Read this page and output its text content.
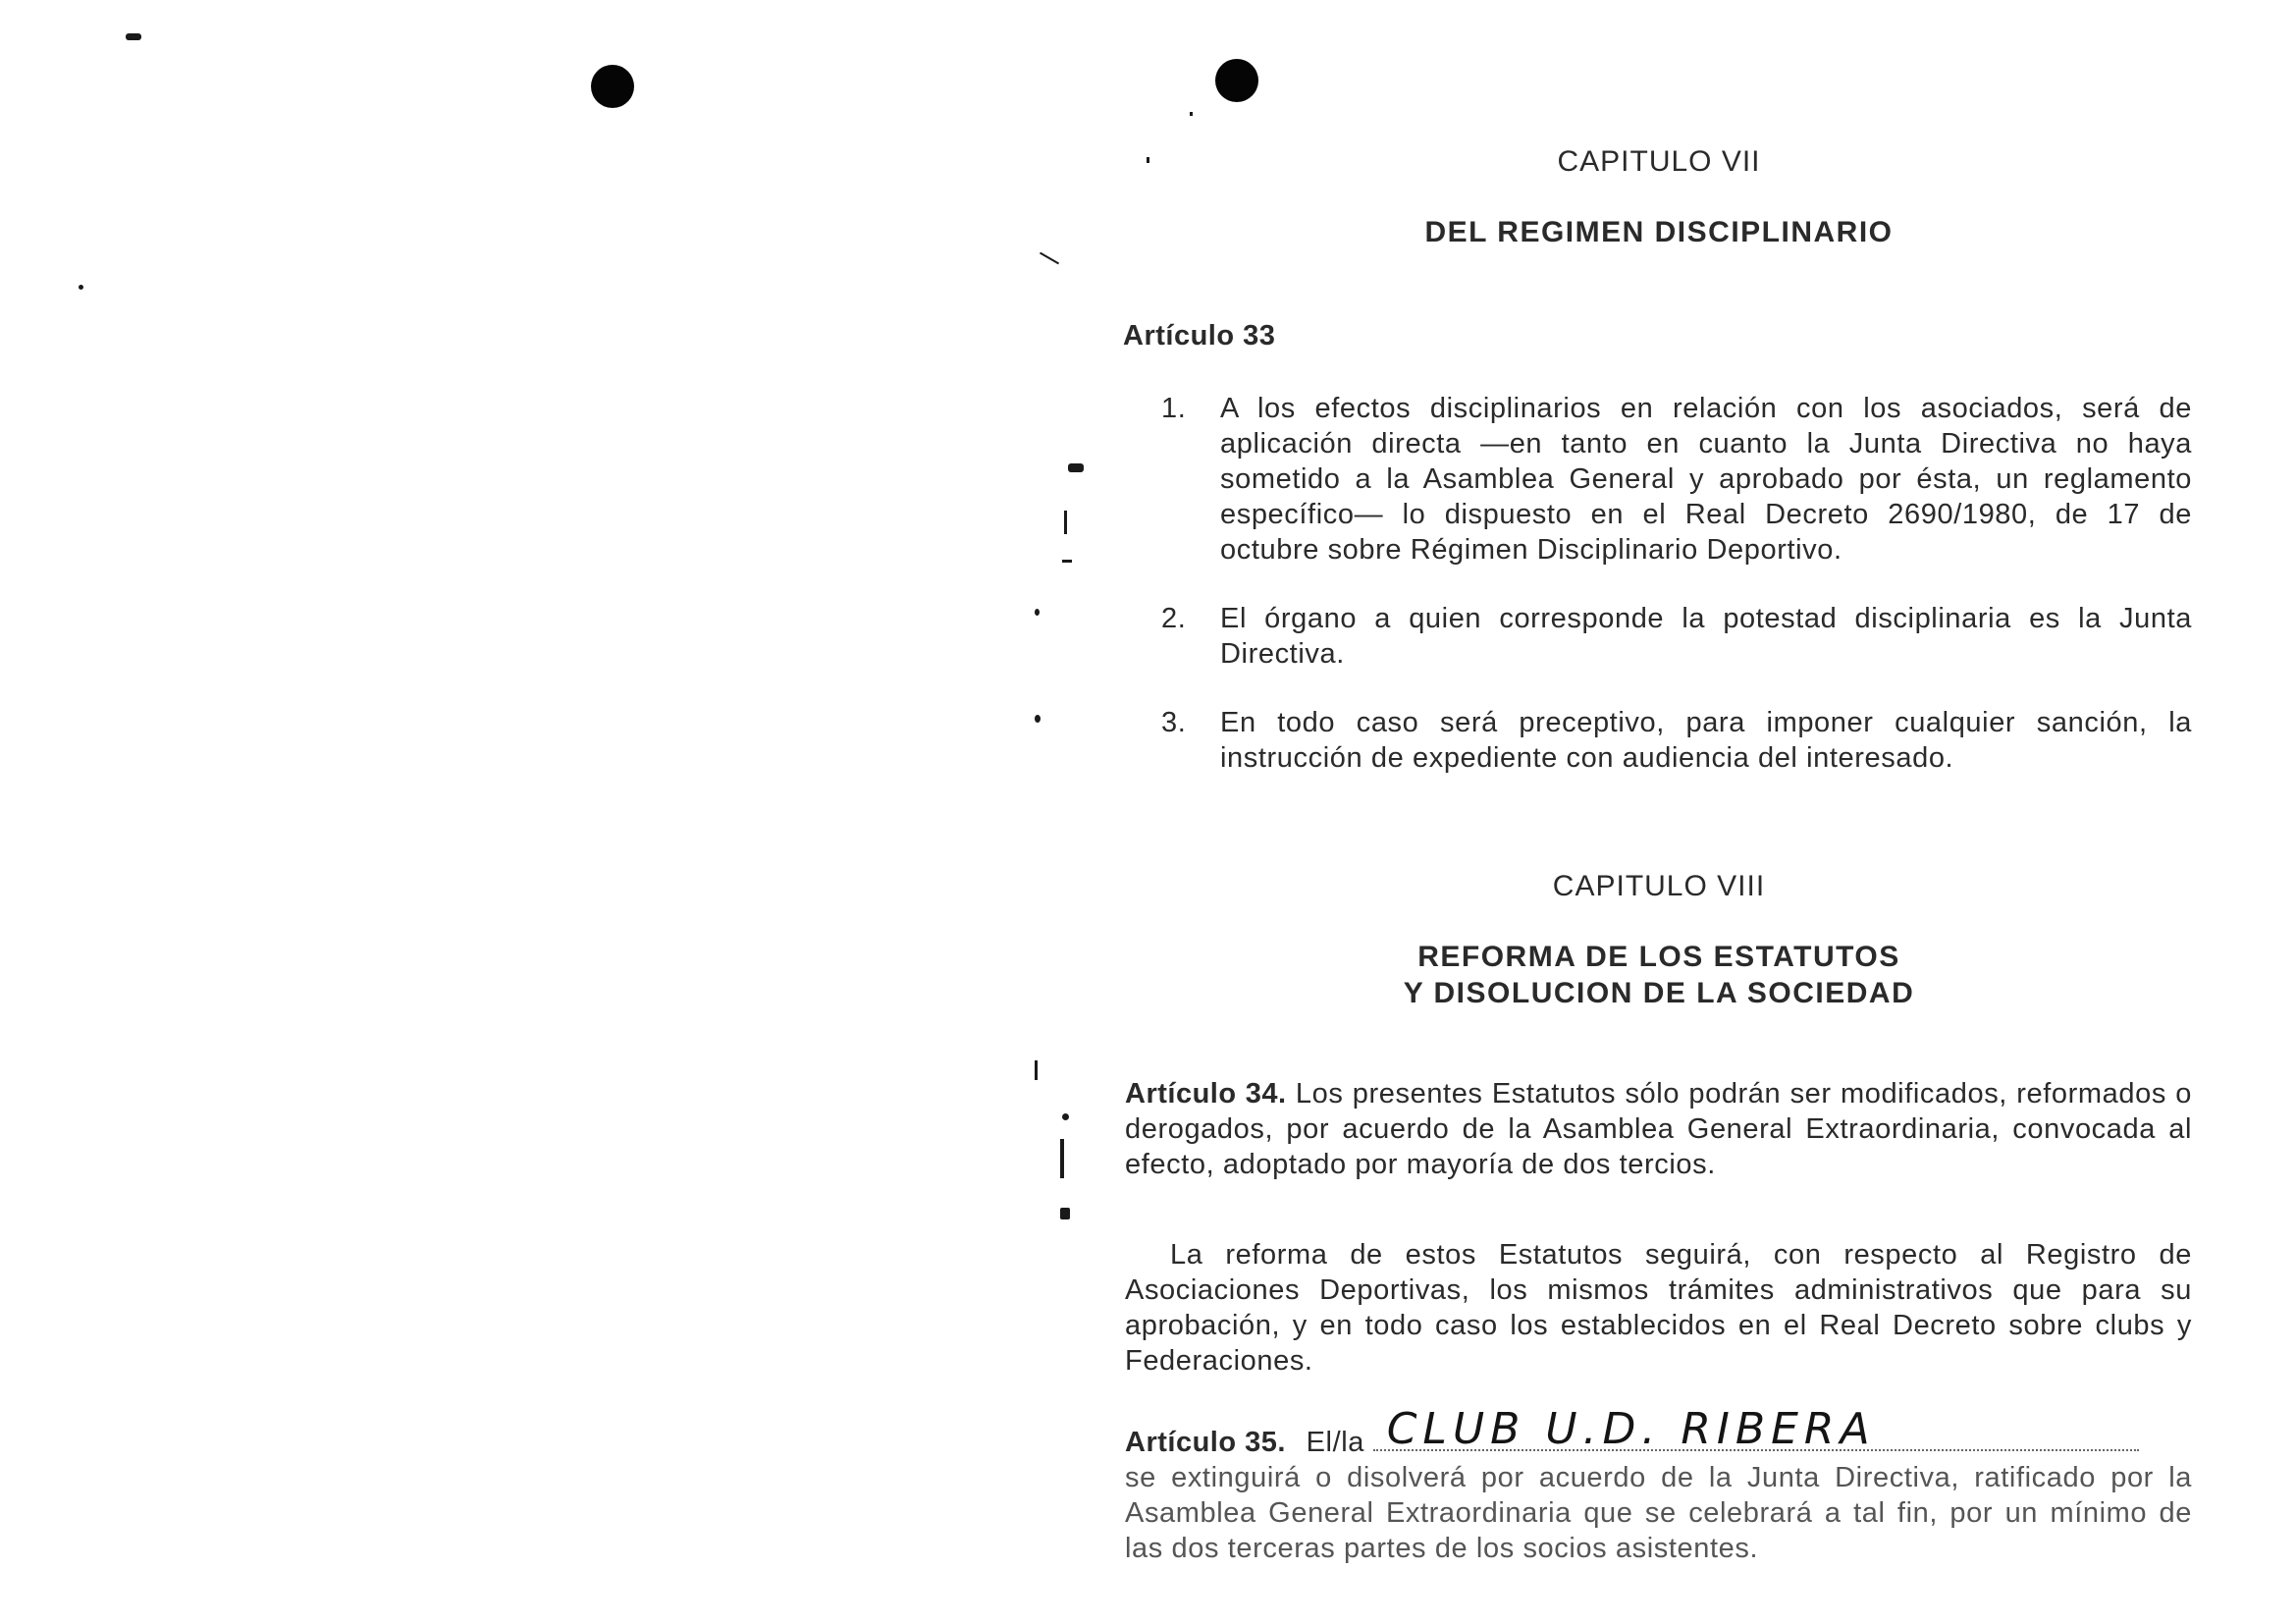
CAPITULO VII
DEL REGIMEN DISCIPLINARIO
Artículo 33
1.	A los efectos disciplinarios en relación con los asociados, será de aplicación directa —en tanto en cuanto la Junta Directiva no haya sometido a la Asamblea General y aprobado por ésta, un reglamento específico— lo dispuesto en el Real Decreto 2690/1980, de 17 de octubre sobre Régimen Disciplinario Deportivo.
2.	El órgano a quien corresponde la potestad disciplinaria es la Junta Directiva.
3.	En todo caso será preceptivo, para imponer cualquier sanción, la instrucción de expediente con audiencia del interesado.
CAPITULO VIII
REFORMA DE LOS ESTATUTOS
Y DISOLUCION DE LA SOCIEDAD
Artículo 34. Los presentes Estatutos sólo podrán ser modificados, reformados o derogados, por acuerdo de la Asamblea General Extraordinaria, convocada al efecto, adoptado por mayoría de dos tercios.
La reforma de estos Estatutos seguirá, con respecto al Registro de Asociaciones Deportivas, los mismos trámites administrativos que para su aprobación, y en todo caso los establecidos en el Real Decreto sobre clubs y Federaciones.
Artículo 35. El/la CLUB U.D. RIBERA
se extinguirá o disolverá por acuerdo de la Junta Directiva, ratificado por la Asamblea General Extraordinaria que se celebrará a tal fin, por un mínimo de las dos terceras partes de los socios asistentes.
